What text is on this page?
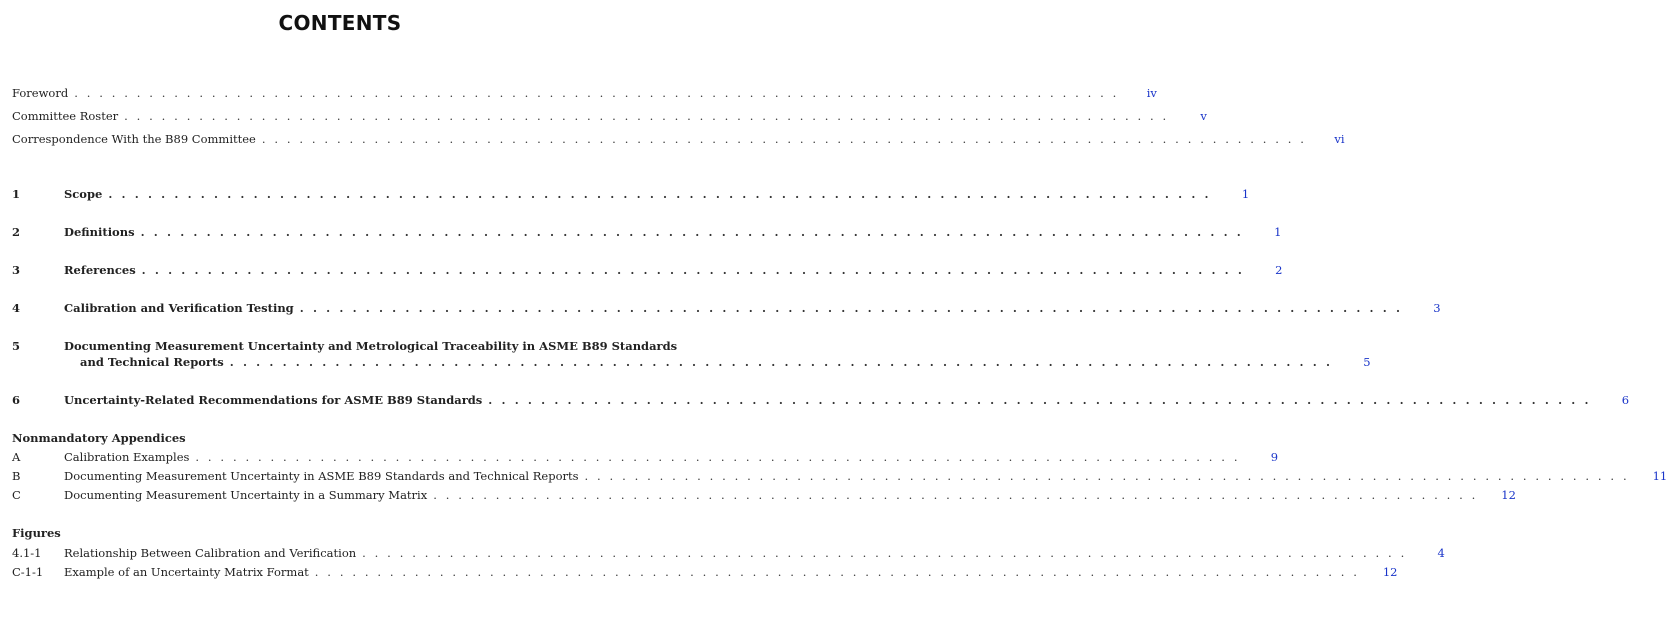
CONTENTS
Foreword . . . . . . . . . . . . . . . . . . . . . . . . . . . . . . . . . . . . . . . . . . . . . . . . . . . . . . . . . . . . . . . . . . . . . . . . . . . . . . . . . . . .	iv
Committee Roster . . . . . . . . . . . . . . . . . . . . . . . . . . . . . . . . . . . . . . . . . . . . . . . . . . . . . . . . . . . . . . . . . . . . . . . . . . . . . . . . . . . .	v
Correspondence With the B89 Committee . . . . . . . . . . . . . . . . . . . . . . . . . . . . . . . . . . . . . . . . . . . . . . . . . . . . . . . . . . . . . . . . . . . . . . . . . . . . . . . . . . . .	vi
1	Scope . . . . . . . . . . . . . . . . . . . . . . . . . . . . . . . . . . . . . . . . . . . . . . . . . . . . . . . . . . . . . . . . . . . . . . . . . . . . . . . . . . . .	1
2	Definitions . . . . . . . . . . . . . . . . . . . . . . . . . . . . . . . . . . . . . . . . . . . . . . . . . . . . . . . . . . . . . . . . . . . . . . . . . . . . . . . . . . . .	1
3	References . . . . . . . . . . . . . . . . . . . . . . . . . . . . . . . . . . . . . . . . . . . . . . . . . . . . . . . . . . . . . . . . . . . . . . . . . . . . . . . . . . . .	2
4	Calibration and Verification Testing . . . . . . . . . . . . . . . . . . . . . . . . . . . . . . . . . . . . . . . . . . . . . . . . . . . . . . . . . . . . . . . . . . . . . . . . . . . . . . . . . . . .	3
5	Documenting Measurement Uncertainty and Metrological Traceability in ASME B89 Standards
and Technical Reports . . . . . . . . . . . . . . . . . . . . . . . . . . . . . . . . . . . . . . . . . . . . . . . . . . . . . . . . . . . . . . . . . . . . . . . . . . . . . . . . . . . .	5
6	Uncertainty-Related Recommendations for ASME B89 Standards . . . . . . . . . . . . . . . . . . . . . . . . . . . . . . . . . . . . . . . . . . . . . . . . . . . . . . . . . . . . . . . . . . . . . . . . . . . . . . . . . . . .	6
Nonmandatory Appendices
A	Calibration Examples . . . . . . . . . . . . . . . . . . . . . . . . . . . . . . . . . . . . . . . . . . . . . . . . . . . . . . . . . . . . . . . . . . . . . . . . . . . . . . . . . . . .	9
B	Documenting Measurement Uncertainty in ASME B89 Standards and Technical Reports . . . . . . . . . . . . . . . . . . . . . . . . . . . . . . . . . . . . . . . . . . . . . . . . . . . . . . . . . . . . . . . . . . . . . . . . . . . . . . . . . . . .	11
C	Documenting Measurement Uncertainty in a Summary Matrix . . . . . . . . . . . . . . . . . . . . . . . . . . . . . . . . . . . . . . . . . . . . . . . . . . . . . . . . . . . . . . . . . . . . . . . . . . . . . . . . . . . .	12
Figures
4.1-1	Relationship Between Calibration and Verification . . . . . . . . . . . . . . . . . . . . . . . . . . . . . . . . . . . . . . . . . . . . . . . . . . . . . . . . . . . . . . . . . . . . . . . . . . . . . . . . . . . .	4
C-1-1	Example of an Uncertainty Matrix Format . . . . . . . . . . . . . . . . . . . . . . . . . . . . . . . . . . . . . . . . . . . . . . . . . . . . . . . . . . . . . . . . . . . . . . . . . . . . . . . . . . . .	12
